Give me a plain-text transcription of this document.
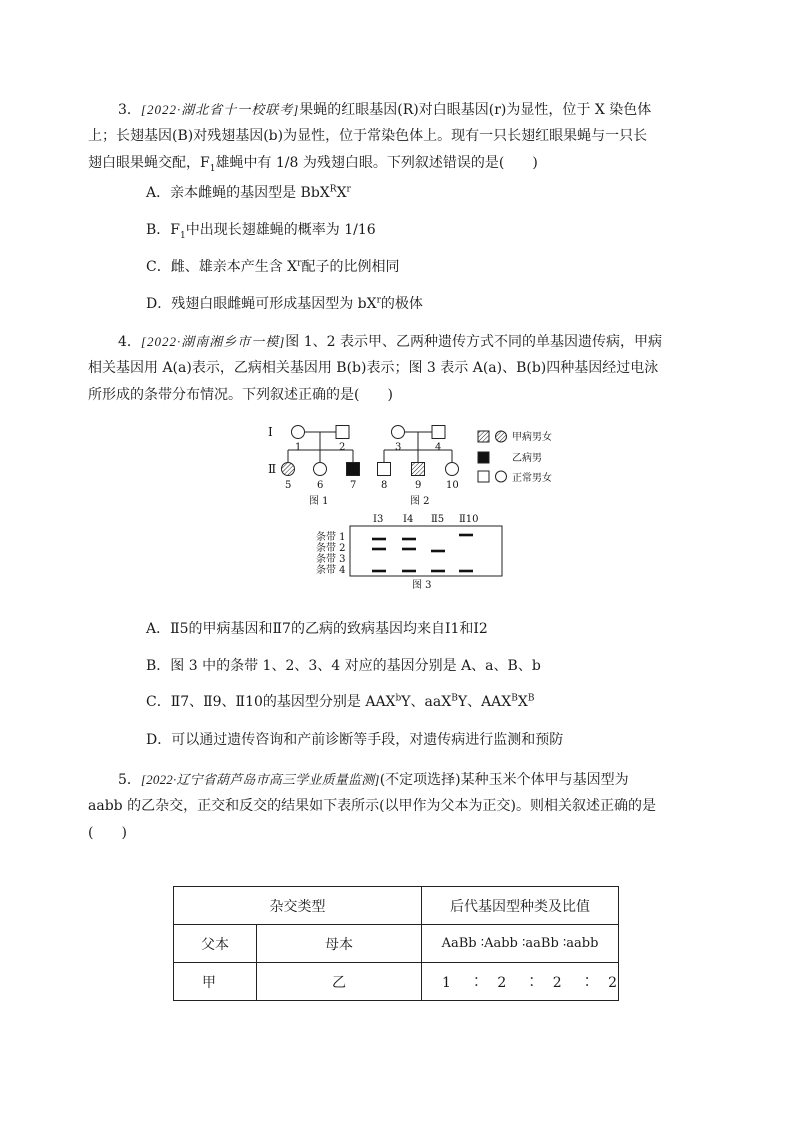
3．[2022·湖北省十一校联考]果蝇的红眼基因(R)对白眼基因(r)为显性，位于 X 染色体

上；长翅基因(B)对残翅基因(b)为显性，位于常染色体上。现有一只长翅红眼果蝇与一只长

翅白眼果蝇交配，$F_1$雄蝇中有 1/8 为残翅白眼。下列叙述错误的是(　　)

A．亲本雌蝇的基因型是 $BbX^RX^r$

B．$F_1$中出现长翅雄蝇的概率为 1/16

C．雌、雄亲本产生含 $X^r$配子的比例相同

D．残翅白眼雌蝇可形成基因型为 $bX^r$的极体

4．[2022·湖南湘乡市一模]图 1、2 表示甲、乙两种遗传方式不同的单基因遗传病，甲病

相关基因用 A(a)表示，乙病相关基因用 B(b)表示；图 3 表示 A(a)、B(b)四种基因经过电泳

所形成的条带分布情况。下列叙述正确的是(　　)

Ⅰ
Ⅱ
1	2	3	4
5	6	7 8	9 10
图 1	图 2
甲病男女
乙病男
正常男女
Ⅰ3 Ⅰ4 Ⅱ5 Ⅱ10
条带 1
条带 2
条带 3
条带 4
图 3

A．Ⅱ5的甲病基因和Ⅱ7的乙病的致病基因均来自Ⅰ1和Ⅰ2

B．图 3 中的条带 1、2、3、4 对应的基因分别是 A、a、B、b

C．Ⅱ7、Ⅱ9、Ⅱ10的基因型分别是 AAX$^b$Y、aaX$^B$Y、$AAX^BX^B$

D．可以通过遗传咨询和产前诊断等手段，对遗传病进行监测和预防

5．[2022·辽宁省葫芦岛市高三学业质量监测](不定项选择)某种玉米个体甲与基因型为

aabb 的乙杂交，正交和反交的结果如下表所示(以甲作为父本为正交)。则相关叙述正确的是

(　　)

杂交类型		后代基因型种类及比值
父本	母本	AaBb ∶Aabb ∶aaBb ∶aabb
甲	乙	1　 ∶　2　 ∶　2　 ∶　2
